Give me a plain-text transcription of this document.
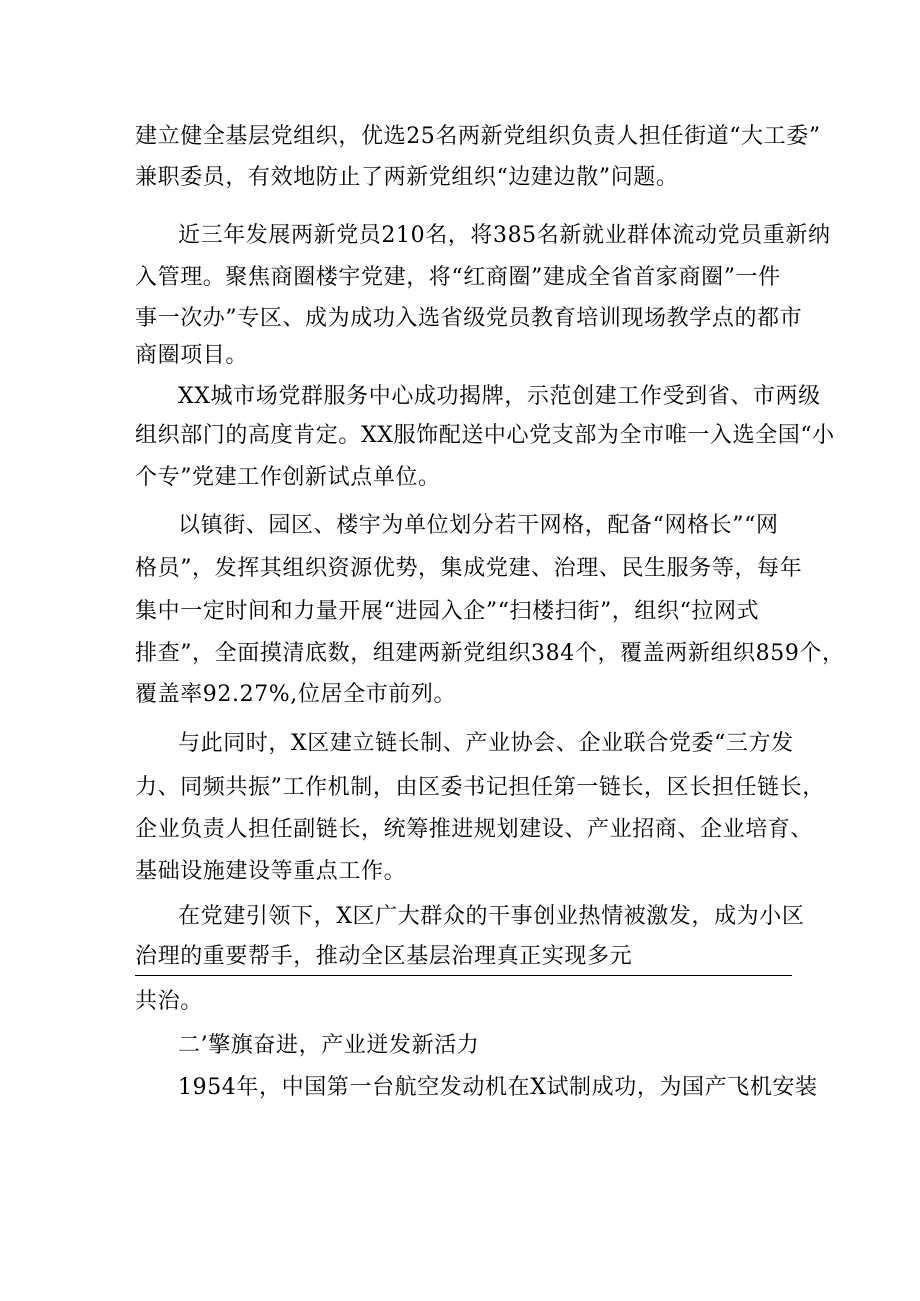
建立健全基层党组织，优选25名两新党组织负责人担任街道“大工委”
兼职委员，有效地防止了两新党组织“边建边散”问题。
近三年发展两新党员210名，将385名新就业群体流动党员重新纳
入管理。聚焦商圈楼宇党建，将“红商圈”建成全省首家商圈”一件
事一次办”专区、成为成功入选省级党员教育培训现场教学点的都市
商圈项目。
XX城市场党群服务中心成功揭牌，示范创建工作受到省、市两级
组织部门的高度肯定。XX服饰配送中心党支部为全市唯一入选全国“小
个专”党建工作创新试点单位。
以镇街、园区、楼宇为单位划分若干网格，配备“网格长”“网
格员”，发挥其组织资源优势，集成党建、治理、民生服务等，每年
集中一定时间和力量开展“进园入企”“扫楼扫街”，组织“拉网式
排查”，全面摸清底数，组建两新党组织384个，覆盖两新组织859个，
覆盖率92.27%,位居全市前列。
与此同时，X区建立链长制、产业协会、企业联合党委“三方发
力、同频共振”工作机制，由区委书记担任第一链长，区长担任链长，
企业负责人担任副链长，统筹推进规划建设、产业招商、企业培育、
基础设施建设等重点工作。
在党建引领下，X区广大群众的干事创业热情被激发，成为小区
治理的重要帮手，推动全区基层治理真正实现多元
共治。
二’擎旗奋进，产业迸发新活力
1954年，中国第一台航空发动机在X试制成功，为国产飞机安装
